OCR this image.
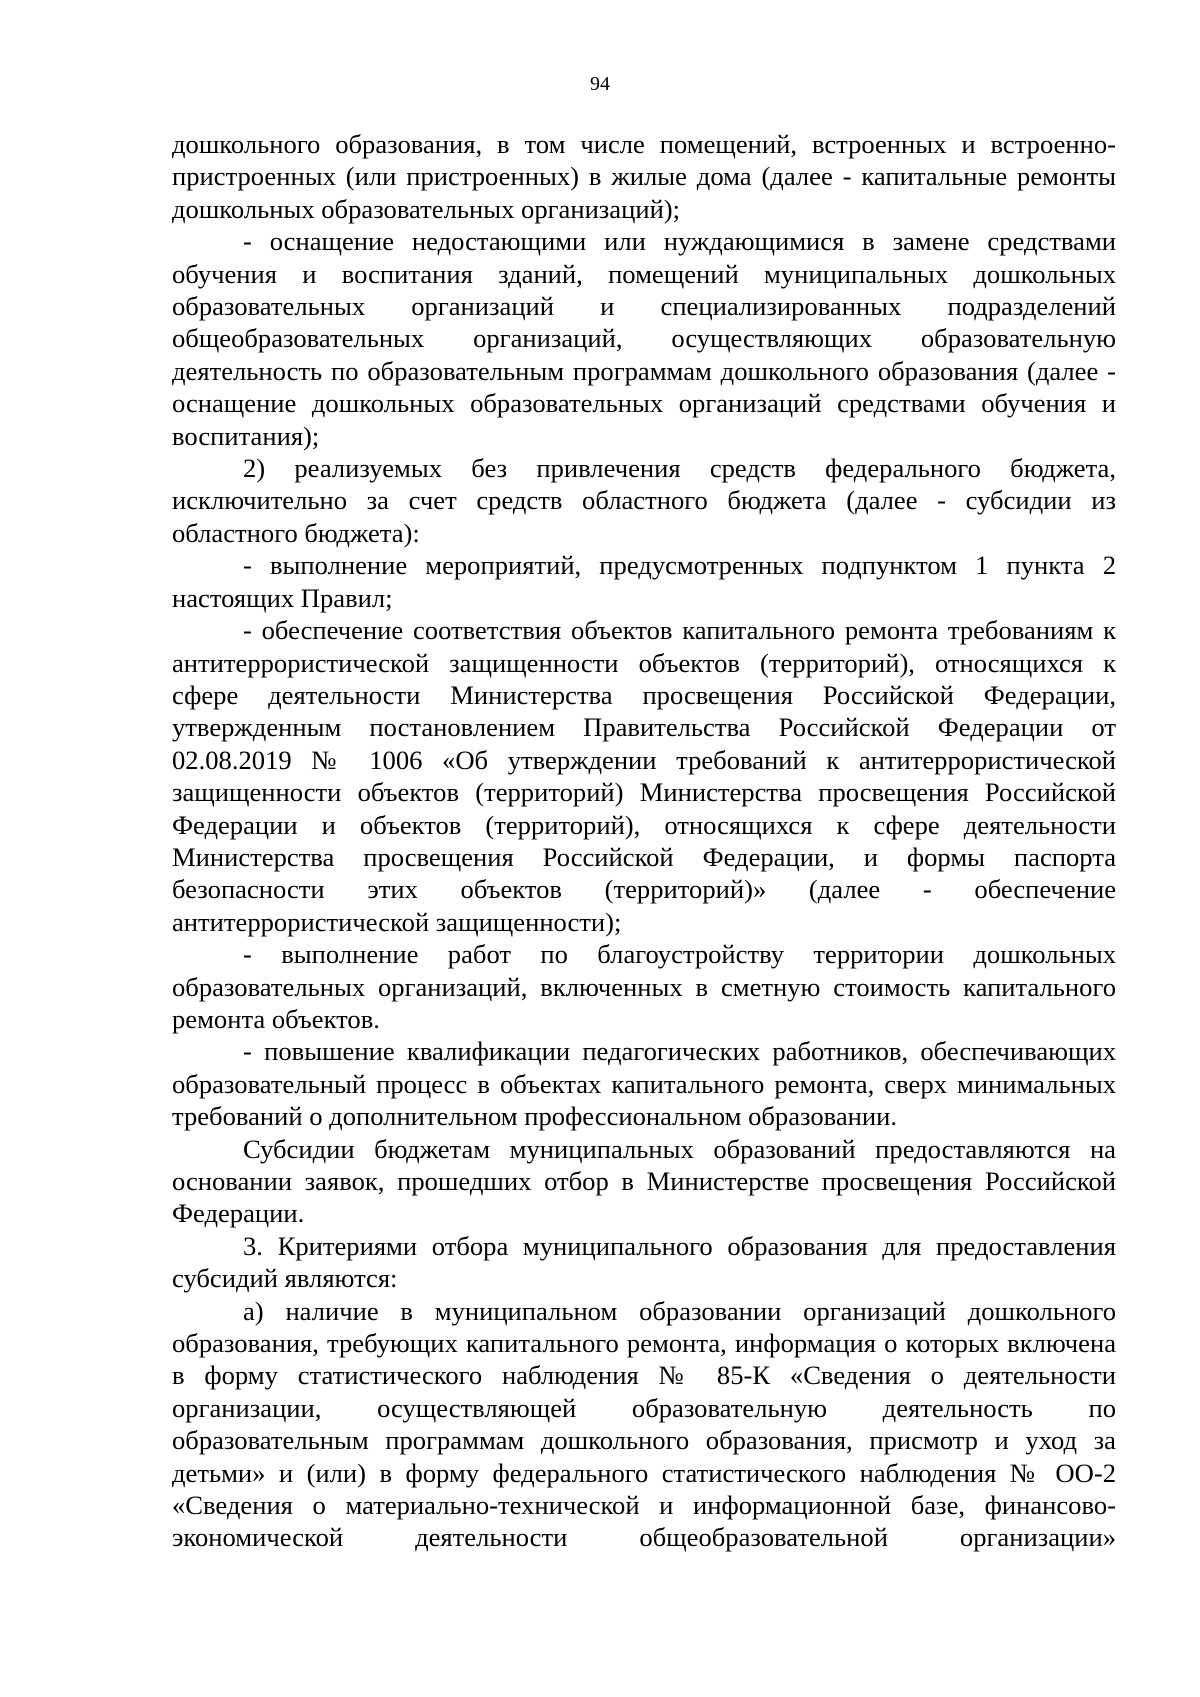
94

дошкольного образования, в том числе помещений, встроенных и встроенно-пристроенных (или пристроенных) в жилые дома (далее - капитальные ремонты дошкольных образовательных организаций);

- оснащение недостающими или нуждающимися в замене средствами обучения и воспитания зданий, помещений муниципальных дошкольных образовательных организаций и специализированных подразделений общеобразовательных организаций, осуществляющих образовательную деятельность по образовательным программам дошкольного образования (далее - оснащение дошкольных образовательных организаций средствами обучения и воспитания);

2) реализуемых без привлечения средств федерального бюджета, исключительно за счет средств областного бюджета (далее - субсидии из областного бюджета):

- выполнение мероприятий, предусмотренных подпунктом 1 пункта 2 настоящих Правил;

- обеспечение соответствия объектов капитального ремонта требованиям к антитеррористической защищенности объектов (территорий), относящихся к сфере деятельности Министерства просвещения Российской Федерации, утвержденным постановлением Правительства Российской Федерации от 02.08.2019 № 1006 «Об утверждении требований к антитеррористической защищенности объектов (территорий) Министерства просвещения Российской Федерации и объектов (территорий), относящихся к сфере деятельности Министерства просвещения Российской Федерации, и формы паспорта безопасности этих объектов (территорий)» (далее - обеспечение антитеррористической защищенности);

- выполнение работ по благоустройству территории дошкольных образовательных организаций, включенных в сметную стоимость капитального ремонта объектов.

- повышение квалификации педагогических работников, обеспечивающих образовательный процесс в объектах капитального ремонта, сверх минимальных требований о дополнительном профессиональном образовании.

Субсидии бюджетам муниципальных образований предоставляются на основании заявок, прошедших отбор в Министерстве просвещения Российской Федерации.

3. Критериями отбора муниципального образования для предоставления субсидий являются:

а) наличие в муниципальном образовании организаций дошкольного образования, требующих капитального ремонта, информация о которых включена в форму статистического наблюдения № 85-К «Сведения о деятельности организации, осуществляющей образовательную деятельность по образовательным программам дошкольного образования, присмотр и уход за детьми» и (или) в форму федерального статистического наблюдения № ОО-2 «Сведения о материально-технической и информационной базе, финансово-экономической деятельности общеобразовательной организации»
